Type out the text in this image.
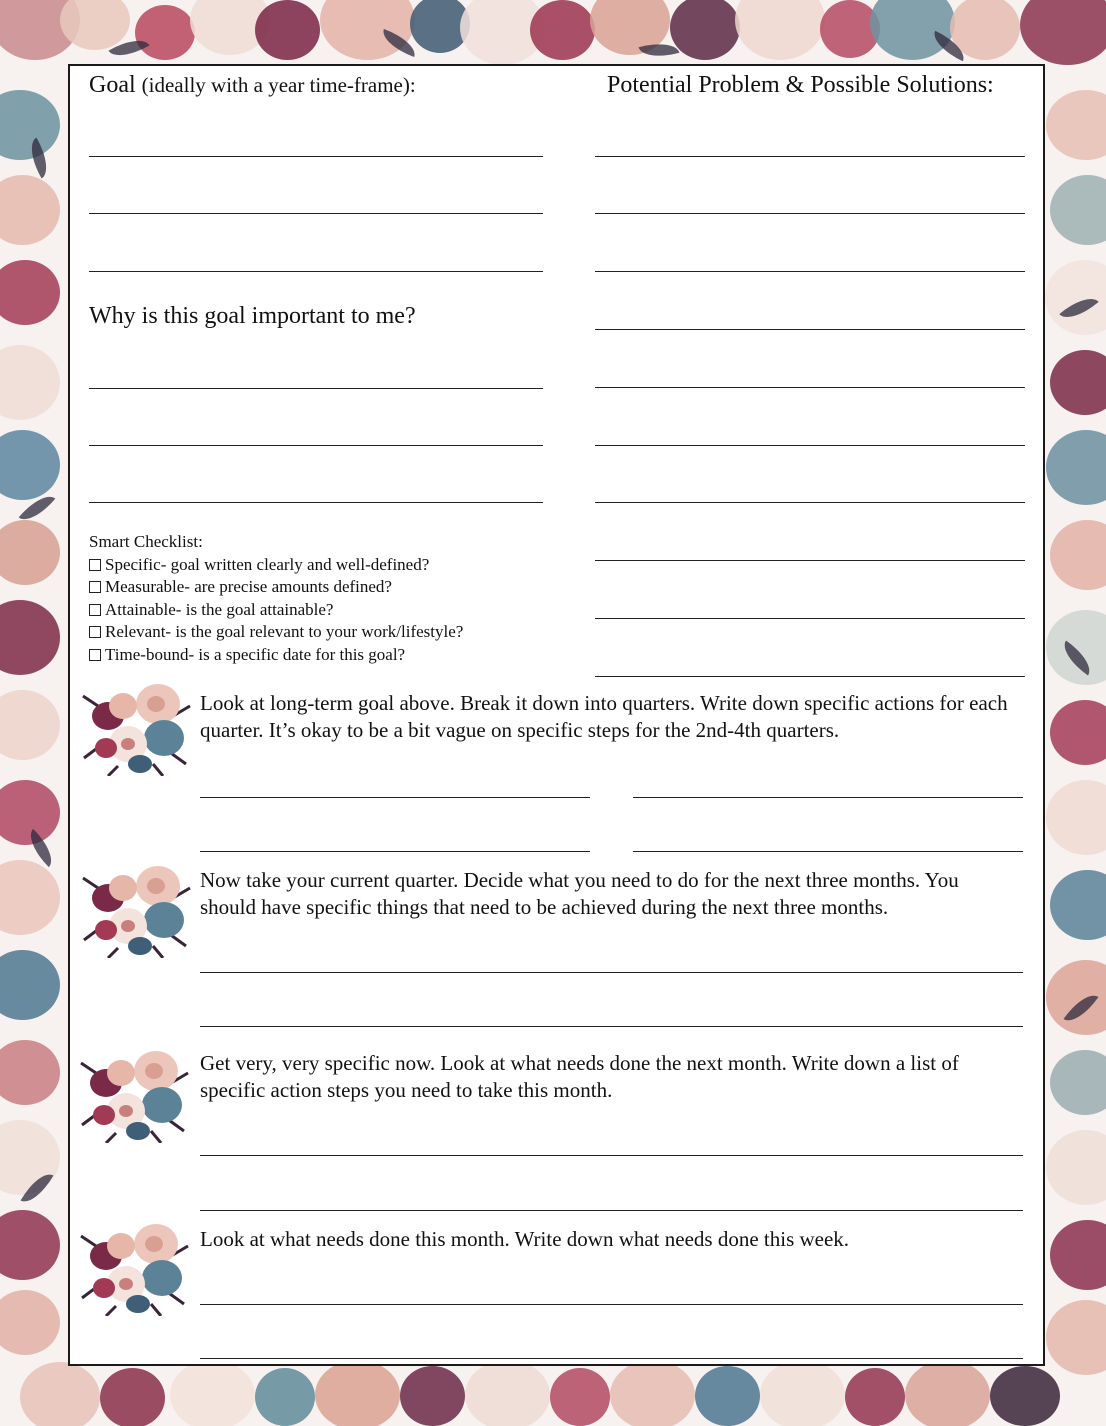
Goal (ideally with a year time-frame):	Potential Problem & Possible Solutions:
Why is this goal important to me?
Smart Checklist:
Specific- goal written clearly and well-defined?
Measurable- are precise amounts defined?
Attainable- is the goal attainable?
Relevant- is the goal relevant to your work/lifestyle?
Time-bound- is a specific date for this goal?
Look at long-term goal above. Break it down into quarters. Write down specific actions for each quarter. It’s okay to be a bit vague on specific steps for the 2nd-4th quarters.
Now take your current quarter. Decide what you need to do for the next three months. You should have specific things that need to be achieved during the next three months.
Get very, very specific now. Look at what needs done the next month. Write down a list of specific action steps you need to take this month.
Look at what needs done this month. Write down what needs done this week.
